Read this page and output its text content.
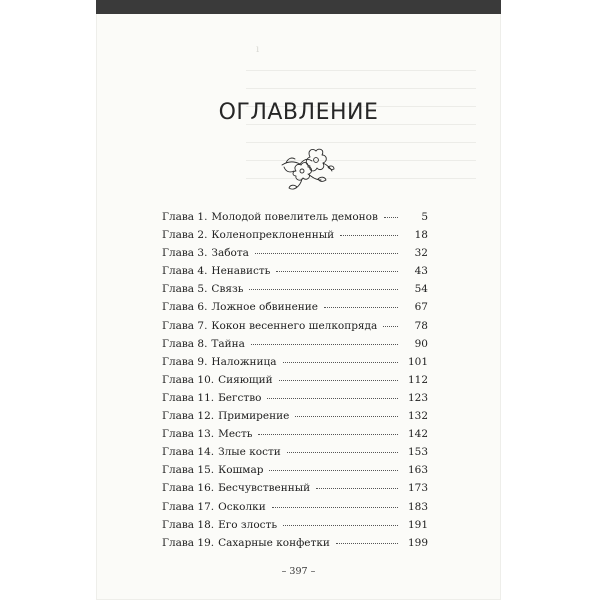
ı
ОГЛАВЛЕНИЕ
Глава 1. Молодой повелитель демонов	5
Глава 2. Коленопреклоненный	18
Глава 3. Забота	32
Глава 4. Ненависть	43
Глава 5. Связь	54
Глава 6. Ложное обвинение	67
Глава 7. Кокон весеннего шелкопряда	78
Глава 8. Тайна	90
Глава 9. Наложница	101
Глава 10. Сияющий	112
Глава 11. Бегство	123
Глава 12. Примирение	132
Глава 13. Месть	142
Глава 14. Злые кости	153
Глава 15. Кошмар	163
Глава 16. Бесчувственный	173
Глава 17. Осколки	183
Глава 18. Его злость	191
Глава 19. Сахарные конфетки	199
– 397 –
